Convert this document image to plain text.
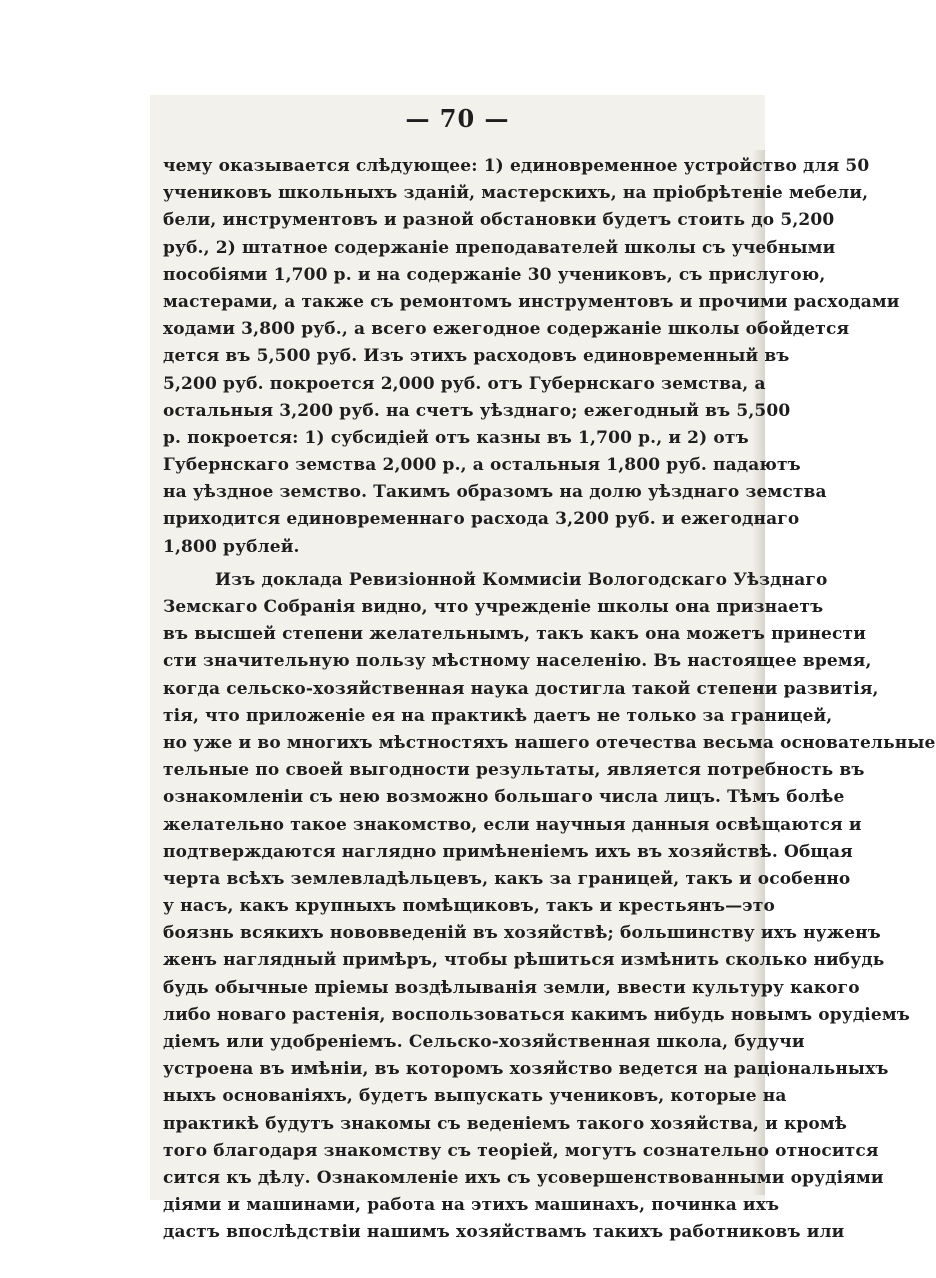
— 70 —
чему оказывается слѣдующее: 1) единовременное устройство для 50
учениковъ школьныхъ зданій, мастерскихъ, на пріобрѣтеніе мебели,
бели, инструментовъ и разной обстановки будетъ стоить до 5,200
руб., 2) штатное содержаніе преподавателей школы съ учебными
пособіями 1,700 р. и на содержаніе 30 учениковъ, съ прислугою,
мастерами, а также съ ремонтомъ инструментовъ и прочими расходами
ходами 3,800 руб., а всего ежегодное содержаніе школы обойдется
дется въ 5,500 руб. Изъ этихъ расходовъ единовременный въ
5,200 руб. покроется 2,000 руб. отъ Губернскаго земства, а
остальныя 3,200 руб. на счетъ уѣзднаго; ежегодный въ 5,500
р. покроется: 1) субсидіей отъ казны въ 1,700 р., и 2) отъ
Губернскаго земства 2,000 р., а остальныя 1,800 руб. падаютъ
на уѣздное земство. Такимъ образомъ на долю уѣзднаго земства
приходится единовременнаго расхода 3,200 руб. и ежегоднаго
1,800 рублей.
Изъ доклада Ревизіонной Коммисіи Вологодскаго Уѣзднаго
Земскаго Собранія видно, что учрежденіе школы она признаетъ
въ высшей степени желательнымъ, такъ какъ она можетъ принести
сти значительную пользу мѣстному населенію. Въ настоящее время,
когда сельско-хозяйственная наука достигла такой степени развитія,
тія, что приложеніе ея на практикѣ даетъ не только за границей,
но уже и во многихъ мѣстностяхъ нашего отечества весьма основательные
тельные по своей выгодности результаты, является потребность въ
ознакомленіи съ нею возможно большаго числа лицъ. Тѣмъ болѣе
желательно такое знакомство, если научныя данныя освѣщаются и
подтверждаются наглядно примѣненіемъ ихъ въ хозяйствѣ. Общая
черта всѣхъ землевладѣльцевъ, какъ за границей, такъ и особенно
у насъ, какъ крупныхъ помѣщиковъ, такъ и крестьянъ—это
боязнь всякихъ нововведеній въ хозяйствѣ; большинству ихъ нуженъ
женъ наглядный примѣръ, чтобы рѣшиться измѣнить сколько нибудь
будь обычные пріемы воздѣлыванія земли, ввести культуру какого
либо новаго растенія, воспользоваться какимъ нибудь новымъ орудіемъ
діемъ или удобреніемъ. Сельско-хозяйственная школа, будучи
устроена въ имѣніи, въ которомъ хозяйство ведется на раціональныхъ
ныхъ основаніяхъ, будетъ выпускать учениковъ, которые на
практикѣ будутъ знакомы съ веденіемъ такого хозяйства, и кромѣ
того благодаря знакомству съ теоріей, могутъ сознательно относится
сится къ дѣлу. Ознакомленіе ихъ съ усовершенствованными орудіями
діями и машинами, работа на этихъ машинахъ, починка ихъ
дастъ впослѣдствіи нашимъ хозяйствамъ такихъ работниковъ или
